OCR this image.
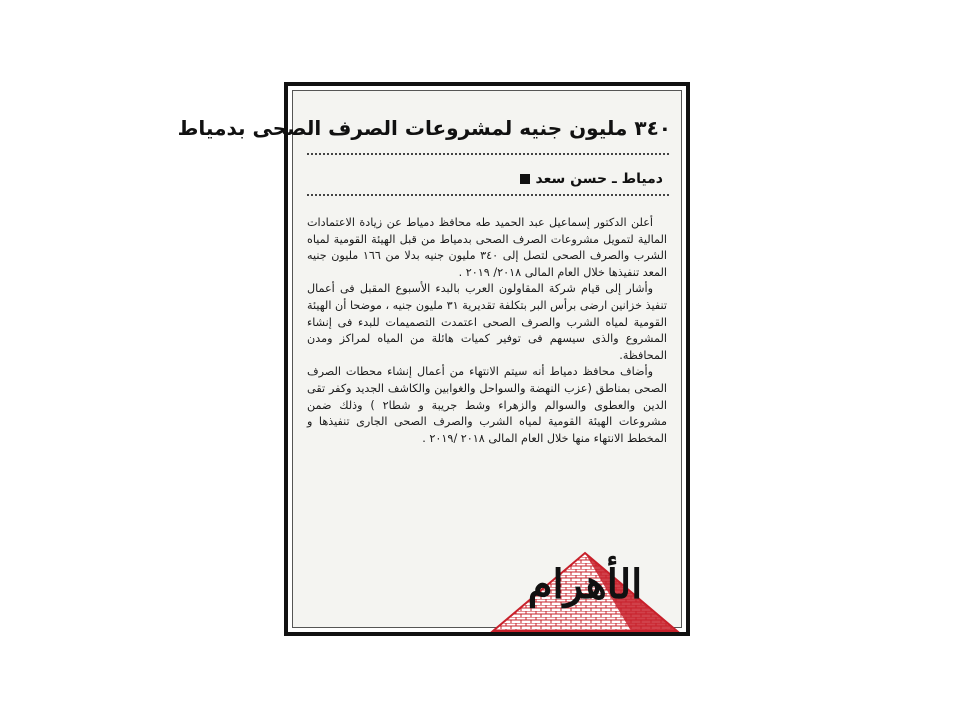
٣٤٠ مليون جنيه لمشروعات الصرف الصحى بدمياط
دمياط ـ حسن سعد

أعلن الدكتور إسماعيل عبد الحميد طه محافظ دمياط عن زيادة الاعتمادات المالية لتمويل مشروعات الصرف الصحى بدمياط من قبل الهيئة القومية لمياه الشرب والصرف الصحى لتصل إلى ٣٤٠ مليون جنيه بدلا من ١٦٦ مليون جنيه المعد تنفيذها خلال العام المالى ٢٠١٨/ ٢٠١٩ .

وأشار إلى قيام شركة المقاولون العرب بالبدء الأسبوع المقبل فى أعمال تنفيذ خزانين ارضى برأس البر بتكلفة تقديرية ٣١ مليون جنيه ، موضحا أن الهيئة القومية لمياه الشرب والصرف الصحى اعتمدت التصميمات للبدء فى إنشاء المشروع والذى سيسهم فى توفير كميات هائلة من المياه لمراكز ومدن المحافظة.

وأضاف محافظ دمياط أنه سيتم الانتهاء من أعمال إنشاء محطات الصرف الصحى بمناطق (عزب النهضة والسواحل والغوابين والكاشف الجديد وكفر تقى الدين والعطوى والسوالم والزهراء وشط جريبة و شطا٢ ) وذلك ضمن مشروعات الهيئة القومية لمياه الشرب والصرف الصحى الجارى تنفيذها و المخطط الانتهاء منها خلال العام المالى ٢٠١٨ /٢٠١٩ .

الأهرام
